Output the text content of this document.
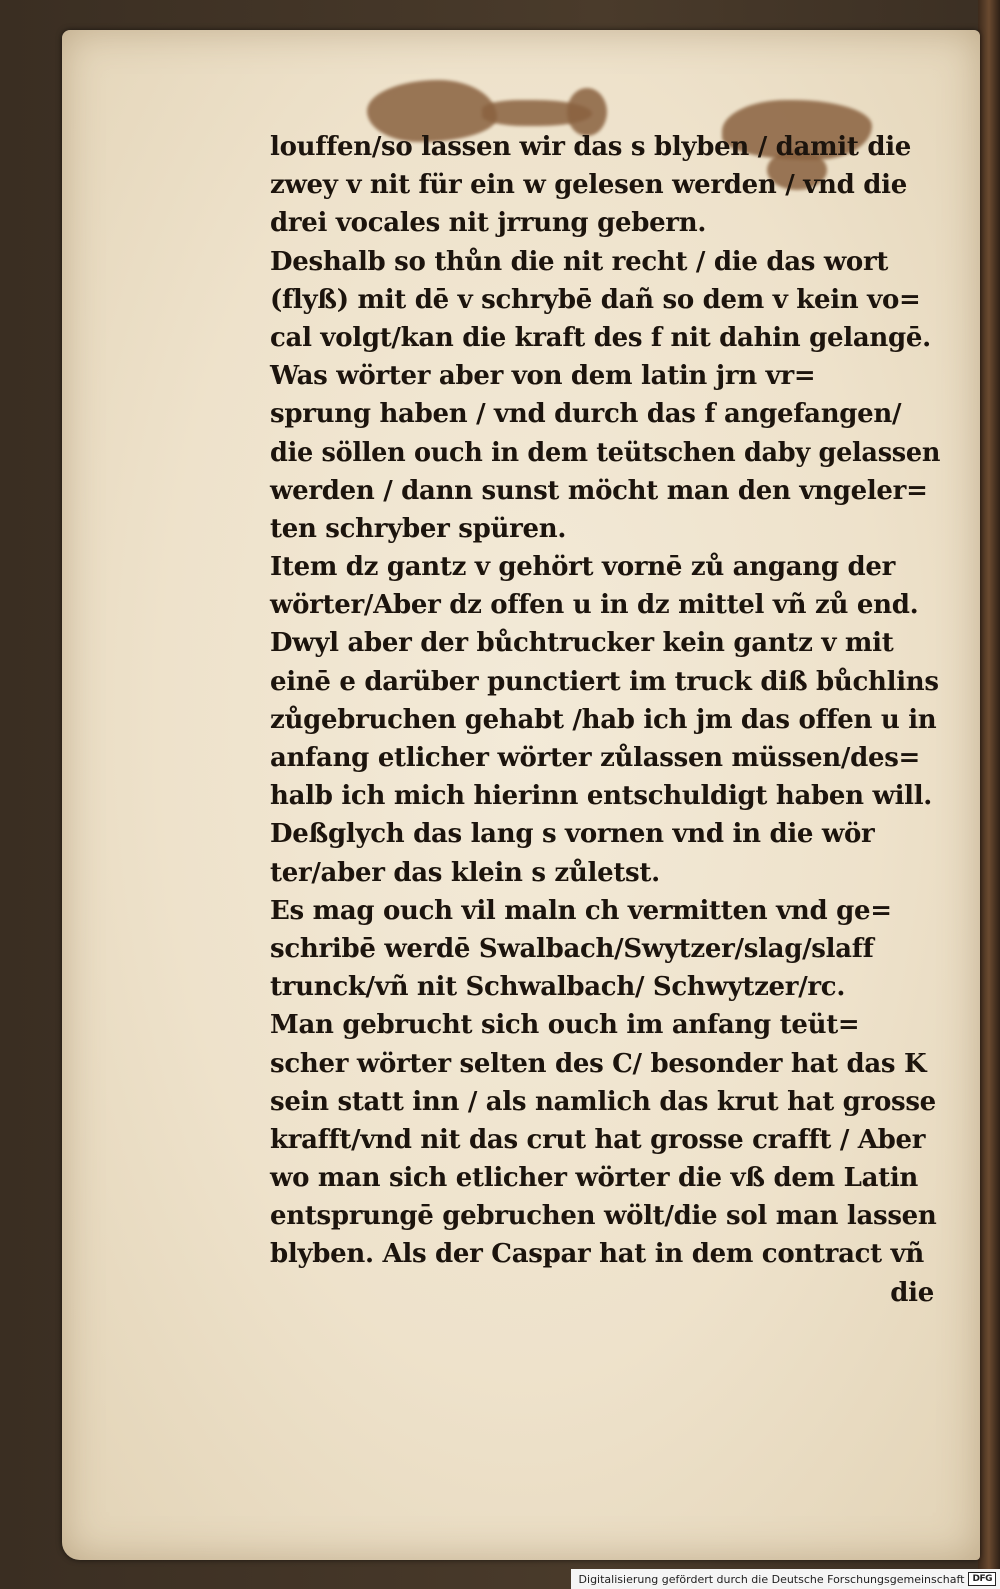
louffen/so lassen wir das s blyben / damit die
zwey v nit für ein w gelesen werden / vnd die
drei vocales nit jrrung gebern.
Deshalb so thůn die nit recht / die das wort
(flyß) mit dē v schrybē dañ so dem v kein vo=
cal volgt/kan die kraft des f nit dahin gelangē.
Was wörter aber von dem latin jrn vr=
sprung haben / vnd durch das f angefangen/
die söllen ouch in dem teütschen daby gelassen
werden / dann sunst möcht man den vngeler=
ten schryber spüren.
Item dz gantz v gehört vornē zů angang der
wörter/Aber dz offen u in dz mittel vñ zů end.
Dwyl aber der bůchtrucker kein gantz v mit
einē e darüber punctiert im truck diß bůchlins
zůgebruchen gehabt /hab ich jm das offen u in
anfang etlicher wörter zůlassen müssen/des=
halb ich mich hierinn entschuldigt haben will.
Deßglych das lang s vornen vnd in die wör
ter/aber das klein s zůletst.
Es mag ouch vil maln ch vermitten vnd ge=
schribē werdē Swalbach/Swytzer/slag/slaff
trunck/vñ nit Schwalbach/ Schwytzer/rc.
Man gebrucht sich ouch im anfang teüt=
scher wörter selten des C/ besonder hat das K
sein statt inn / als namlich das krut hat grosse
krafft/vnd nit das crut hat grosse crafft / Aber
wo man sich etlicher wörter die vß dem Latin
entsprungē gebruchen wölt/die sol man lassen
blyben. Als der Caspar hat in dem contract vñ
die
Digitalisierung gefördert durch die Deutsche Forschungsgemeinschaft DFG
